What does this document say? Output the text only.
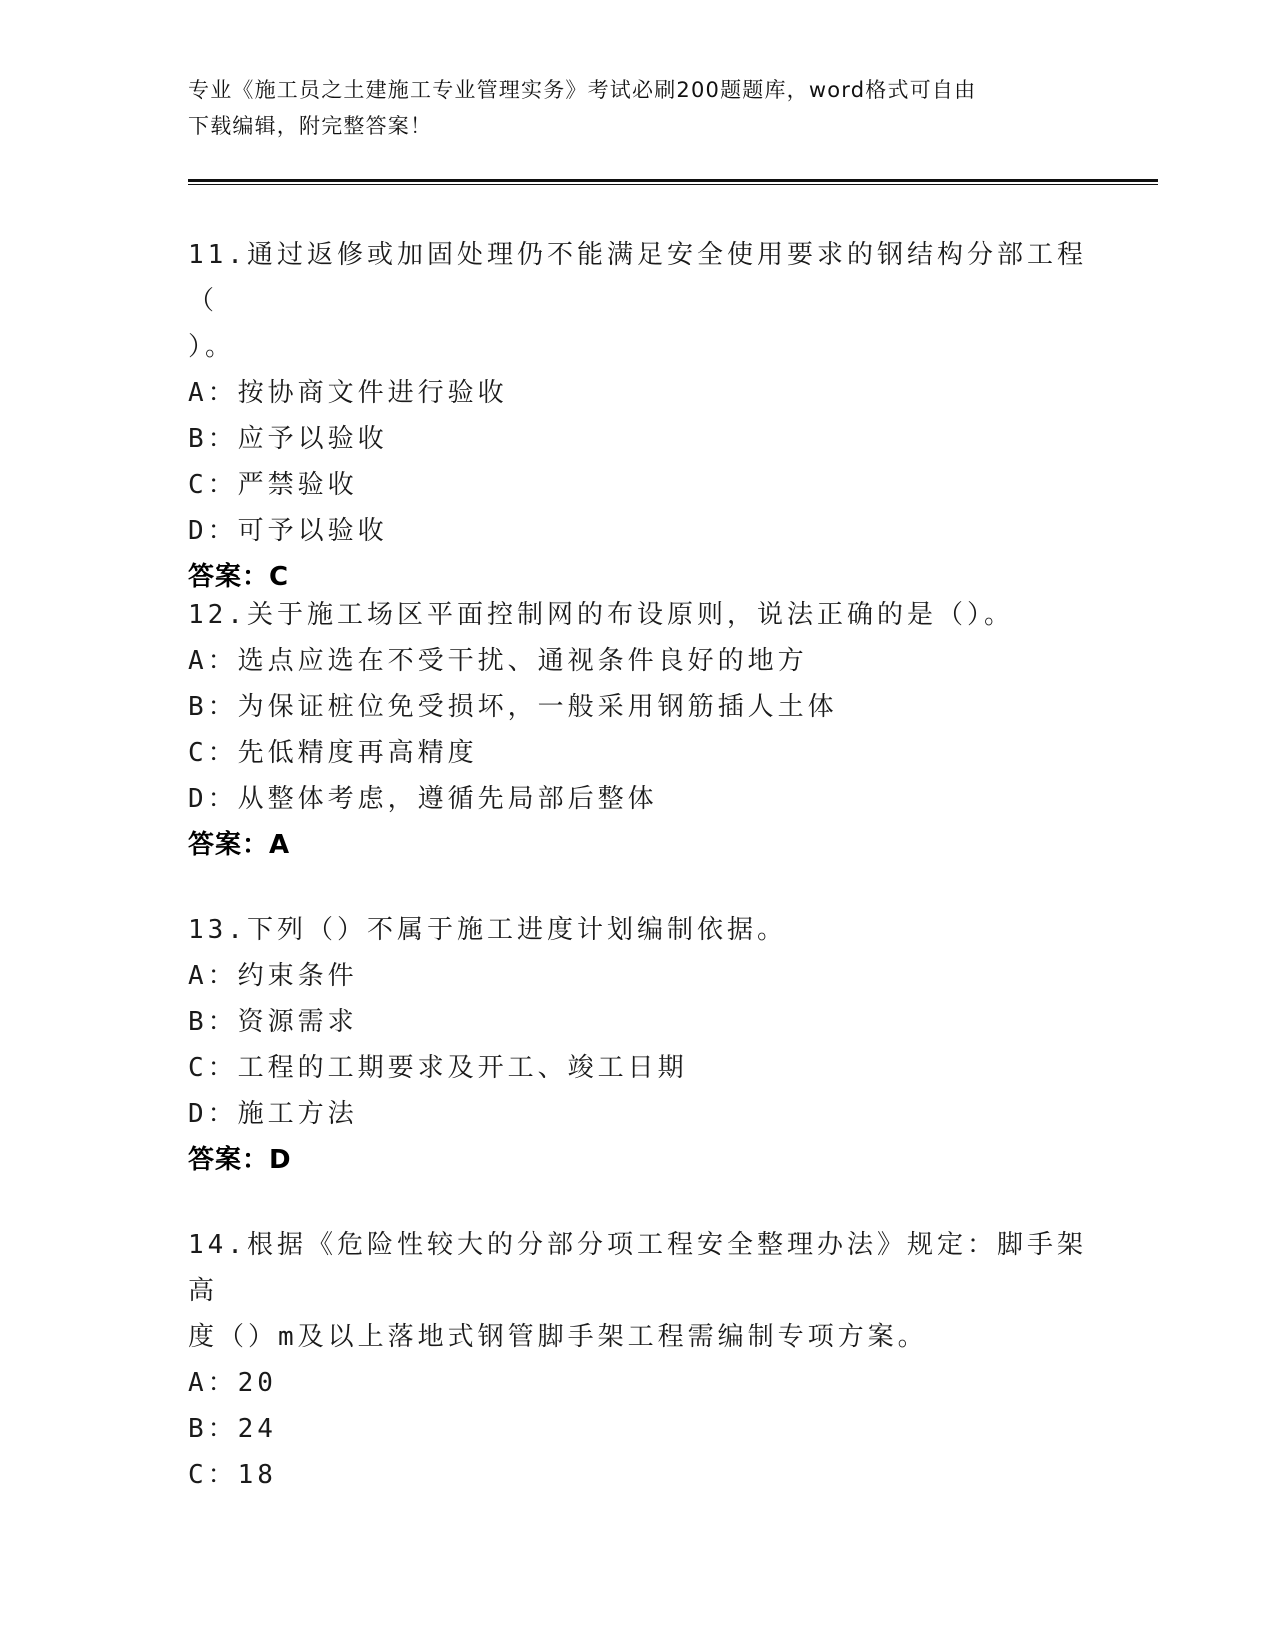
专业《施工员之土建施工专业管理实务》考试必刷200题题库，word格式可自由
下载编辑，附完整答案！
11.通过返修或加固处理仍不能满足安全使用要求的钢结构分部工程（
）。
A：按协商文件进行验收
B：应予以验收
C：严禁验收
D：可予以验收
答案：C
12.关于施工场区平面控制网的布设原则，说法正确的是（）。
A：选点应选在不受干扰、通视条件良好的地方
B：为保证桩位免受损坏，一般采用钢筋插人土体
C：先低精度再高精度
D：从整体考虑，遵循先局部后整体
答案：A
13.下列（）不属于施工进度计划编制依据。
A：约束条件
B：资源需求
C：工程的工期要求及开工、竣工日期
D：施工方法
答案：D
14.根据《危险性较大的分部分项工程安全整理办法》规定：脚手架高
度（）m及以上落地式钢管脚手架工程需编制专项方案。
A：20
B：24
C：18
